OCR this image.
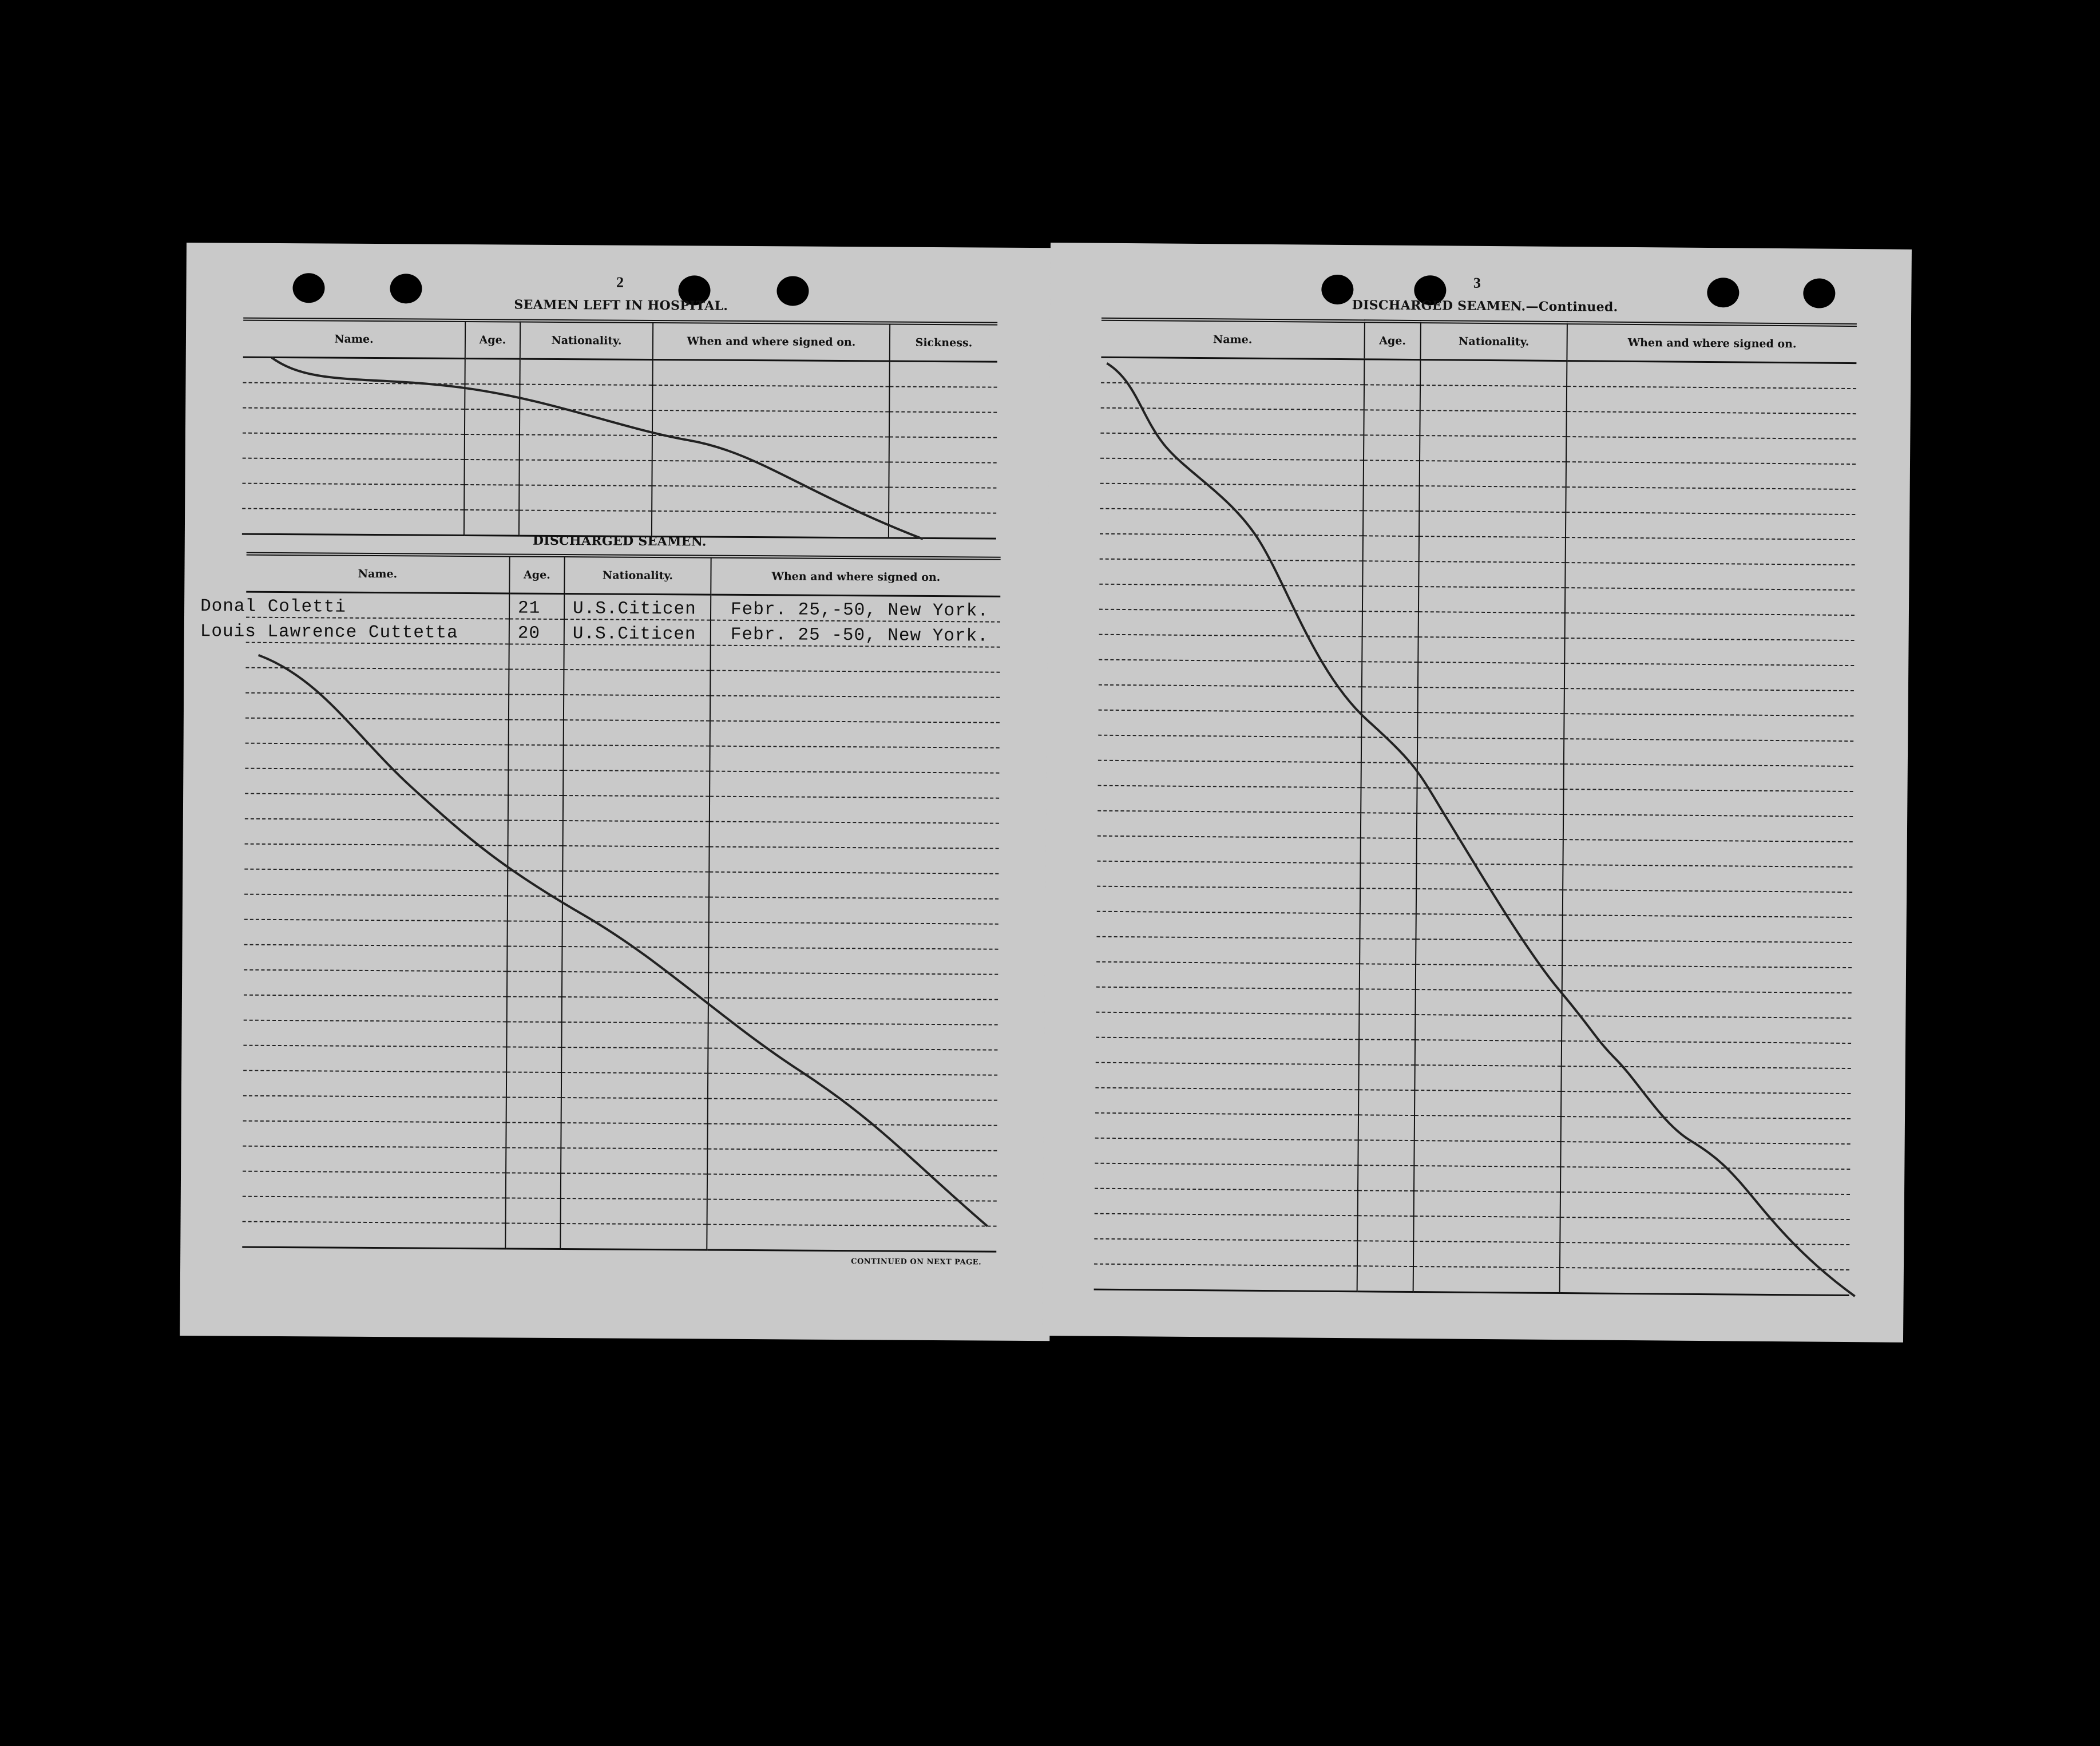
2
SEAMEN LEFT IN HOSPITAL.
Name.	Age.	Nationality.	When and where signed on.	Sickness.

DISCHARGED SEAMEN.
Name.	Age.	Nationality.	When and where signed on.
Donal Coletti	21	U.S.Citicen	Febr. 25,-50, New York.
Louis Lawrence Cuttetta	20	U.S.Citicen	Febr. 25 -50, New York.

CONTINUED ON NEXT PAGE.
3
DISCHARGED SEAMEN.—Continued.
Name.	Age.	Nationality.	When and where signed on.
